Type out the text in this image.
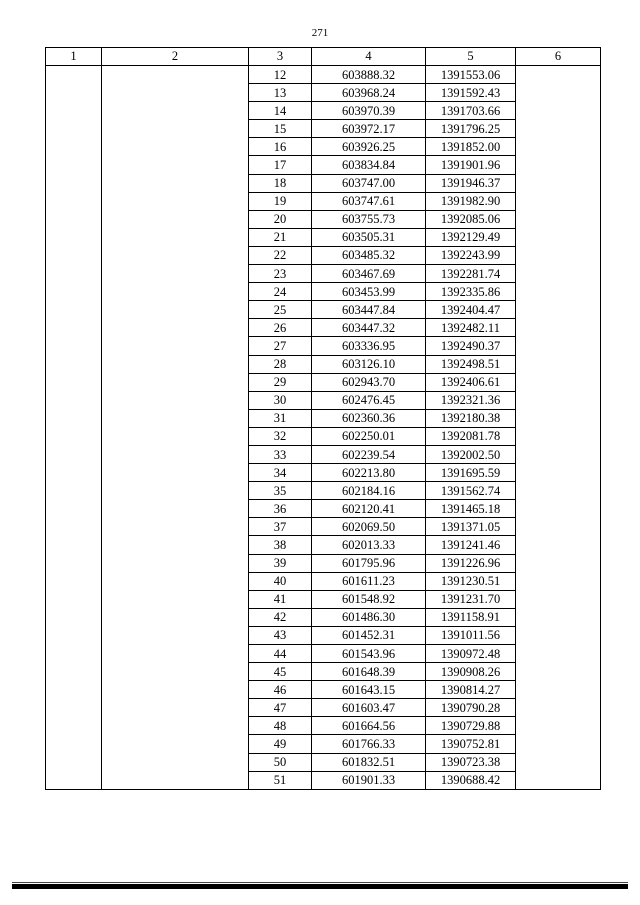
271
1	2	3	4	5	6
		12	603888.32	1391553.06	
		13	603968.24	1391592.43	
		14	603970.39	1391703.66	
		15	603972.17	1391796.25	
		16	603926.25	1391852.00	
		17	603834.84	1391901.96	
		18	603747.00	1391946.37	
		19	603747.61	1391982.90	
		20	603755.73	1392085.06	
		21	603505.31	1392129.49	
		22	603485.32	1392243.99	
		23	603467.69	1392281.74	
		24	603453.99	1392335.86	
		25	603447.84	1392404.47	
		26	603447.32	1392482.11	
		27	603336.95	1392490.37	
		28	603126.10	1392498.51	
		29	602943.70	1392406.61	
		30	602476.45	1392321.36	
		31	602360.36	1392180.38	
		32	602250.01	1392081.78	
		33	602239.54	1392002.50	
		34	602213.80	1391695.59	
		35	602184.16	1391562.74	
		36	602120.41	1391465.18	
		37	602069.50	1391371.05	
		38	602013.33	1391241.46	
		39	601795.96	1391226.96	
		40	601611.23	1391230.51	
		41	601548.92	1391231.70	
		42	601486.30	1391158.91	
		43	601452.31	1391011.56	
		44	601543.96	1390972.48	
		45	601648.39	1390908.26	
		46	601643.15	1390814.27	
		47	601603.47	1390790.28	
		48	601664.56	1390729.88	
		49	601766.33	1390752.81	
		50	601832.51	1390723.38	
		51	601901.33	1390688.42	
